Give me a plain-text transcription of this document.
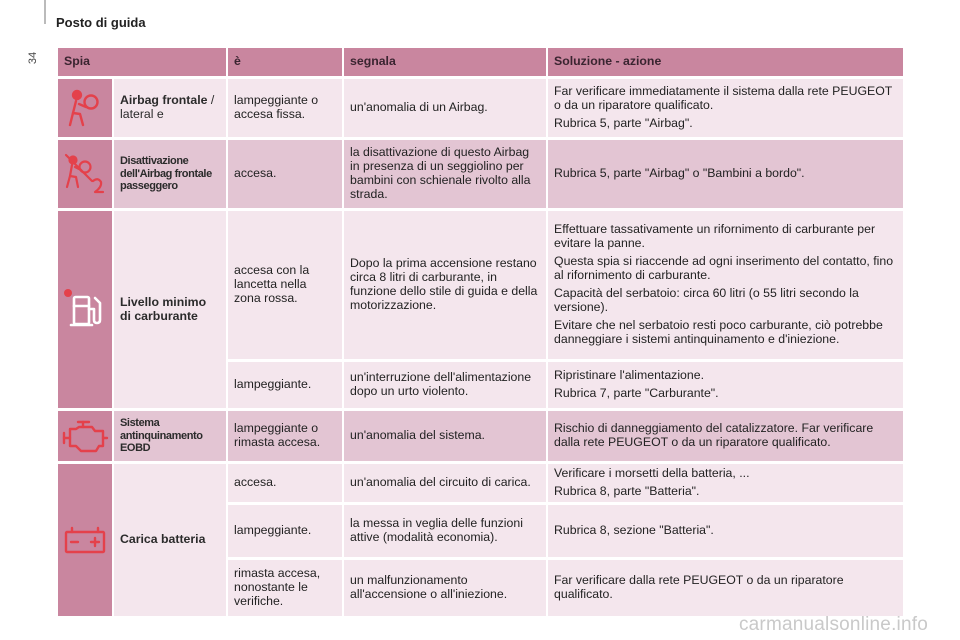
Posto di guida
34 Spia		è	segnala	Soluzione - azione

	Airbag frontale / lateral e	lampeggiante o accesa fissa.	un'anomalia di un Airbag.	Far verificare immediatamente il sistema dalla rete PEUGEOT o da un riparatore qualificato.

Rubrica 5, parte "Airbag".

	Disattivazione dell'Airbag frontale passeggero	accesa.	la disattivazione di questo Airbag in presenza di un seggiolino per bambini con schienale rivolto alla strada.	Rubrica 5, parte "Airbag" o "Bambini a bordo".

	Livello minimo di carburante	accesa con la lancetta nella zona rossa.	Dopo la prima accensione restano circa 8 litri di carburante, in funzione dello stile di guida e della motorizzazione.	Effettuare tassativamente un rifornimento di carburante per evitare la panne.

Questa spia si riaccende ad ogni inserimento del contatto, fino al rifornimento di carburante.

Capacità del serbatoio: circa 60 litri (o 55 litri secondo la versione).

Evitare che nel serbatoio resti poco carburante, ciò potrebbe danneggiare i sistemi antinquinamento e d'iniezione.

		lampeggiante.	un'interruzione dell'alimentazione dopo un urto violento.	Ripristinare l'alimentazione.

Rubrica 7, parte "Carburante".

	Sistema antinquinamento EOBD	lampeggiante o rimasta accesa.	un'anomalia del sistema.	Rischio di danneggiamento del catalizzatore. Far verificare dalla rete PEUGEOT o da un riparatore qualificato.

	Carica batteria	accesa.	un'anomalia del circuito di carica.	Verificare i morsetti della batteria, ...

Rubrica 8, parte "Batteria".

		lampeggiante.	la messa in veglia delle funzioni attive (modalità economia).	Rubrica 8, sezione "Batteria".

		rimasta accesa, nonostante le verifiche.	un malfunzionamento all'accensione o all'iniezione.	Far verificare dalla rete PEUGEOT o da un riparatore qualificato.

carmanualsonline.info
